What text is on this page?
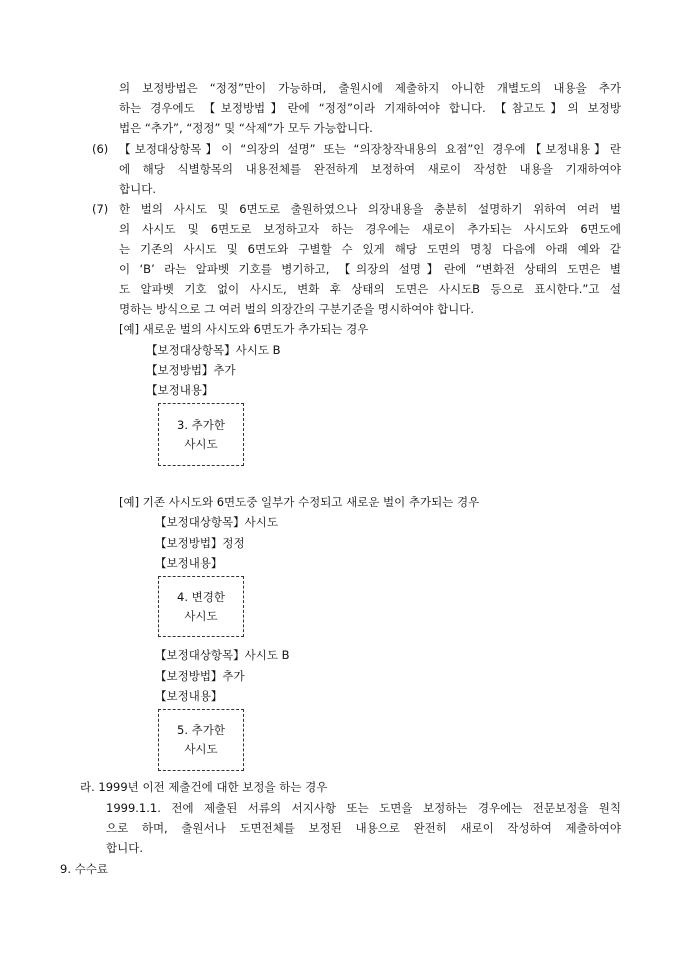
의 보정방법은 “정정”만이 가능하며, 출원시에 제출하지 아니한 개별도의 내용을 추가
하는 경우에도 【보정방법】란에 “정정”이라 기재하여야 합니다. 【참고도】의 보정방
법은 “추가”, “정정” 및 “삭제”가 모두 가능합니다.
(6) 【보정대상항목】이 “의장의 설명” 또는 “의장창작내용의 요점”인 경우에【보정내용】란
에 해당 식별항목의 내용전체를 완전하게 보정하여 새로이 작성한 내용을 기재하여야
합니다.
(7) 한 벌의 사시도 및 6면도로 출원하였으나 의장내용을 충분히 설명하기 위하여 여러 벌
의 사시도 및 6면도로 보정하고자 하는 경우에는 새로이 추가되는 사시도와 6면도에
는 기존의 사시도 및 6면도와 구별할 수 있게 해당 도면의 명칭 다음에 아래 예와 같
이 ‘B’ 라는 알파벳 기호를 병기하고, 【의장의 설명】란에 “변화전 상태의 도면은 별
도 알파벳 기호 없이 사시도, 변화 후 상태의 도면은 사시도B 등으로 표시한다.”고 설
명하는 방식으로 그 여러 벌의 의장간의 구분기준을 명시하여야 합니다.
[예] 새로운 벌의 사시도와 6면도가 추가되는 경우
【보정대상항목】사시도 B
【보정방법】추가
【보정내용】
3. 추가한
사시도
[예] 기존 사시도와 6면도중 일부가 수정되고 새로운 벌이 추가되는 경우
【보정대상항목】사시도
【보정방법】정정
【보정내용】
4. 변경한
사시도
【보정대상항목】사시도 B
【보정방법】추가
【보정내용】
5. 추가한
사시도
라. 1999년 이전 제출건에 대한 보정을 하는 경우
1999.1.1. 전에 제출된 서류의 서지사항 또는 도면을 보정하는 경우에는 전문보정을 원칙
으로 하며, 출원서나 도면전체를 보정된 내용으로 완전히 새로이 작성하여 제출하여야
합니다.
9. 수수료
